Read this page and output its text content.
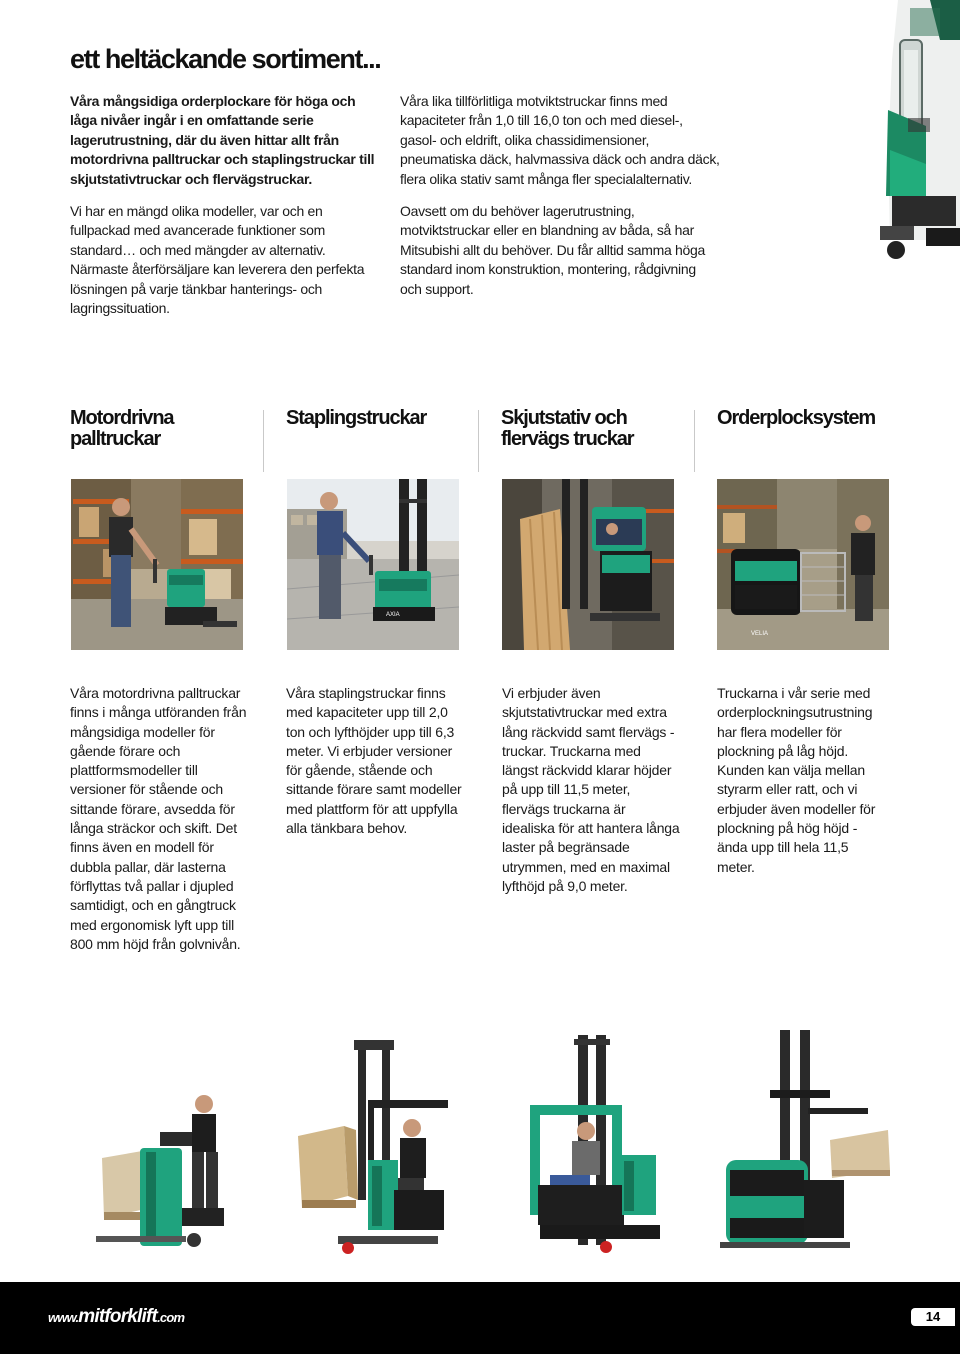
ett heltäckande sortiment...

Våra mångsidiga orderplockare för höga och låga nivåer ingår i en omfattande serie lagerutrustning, där du även hittar allt från motordrivna palltruckar och staplingstruckar till skjutstativtruckar och flervägstruckar.

Vi har en mängd olika modeller, var och en fullpackad med avancerade funktioner som standard… och med mängder av alternativ. Närmaste återförsäljare kan leverera den perfekta lösningen på varje tänkbar hanterings- och lagringssituation.

Våra lika tillförlitliga motviktstruckar finns med kapaciteter från 1,0 till 16,0 ton och med diesel-, gasol- och eldrift, olika chassidimensioner, pneumatiska däck, halvmassiva däck och andra däck, flera olika stativ samt många fler specialalternativ.

Oavsett om du behöver lagerutrustning, motviktstruckar eller en blandning av båda, så har Mitsubishi allt du behöver. Du får alltid samma höga standard inom konstruktion, montering, rådgivning och support.

Motordrivna palltruckar
Staplingstruckar	Skjutstativ och flervägs truckar
Orderplocksystem
AXIA
VELIA

Våra motordrivna palltruckar finns i många utföranden från mångsidiga modeller för gående förare och plattformsmodeller till versioner för stående och sittande förare, avsedda för långa sträckor och skift. Det finns även en modell för dubbla pallar, där lasterna förflyttas två pallar i djupled samtidigt, och en gångtruck med ergonomisk lyft upp till 800 mm höjd från golvnivån.

Våra staplingstruckar finns med kapaciteter upp till 2,0 ton och lyfthöjder upp till 6,3 meter. Vi erbjuder versioner för gående, stående och sittande förare samt modeller med plattform för att uppfylla alla tänkbara behov.

Vi erbjuder även skjutstativtruckar med extra lång räckvidd samt flervägs - truckar. Truckarna med längst räckvidd klarar höjder på upp till 11,5 meter, flervägs truckarna är idealiska för att hantera långa laster på begränsade utrymmen, med en maximal lyfthöjd på 9,0 meter.

Truckarna i vår serie med orderplockningsutrustning har flera modeller för plockning på låg höjd. Kunden kan välja mellan styrarm eller ratt, och vi erbjuder även modeller för plockning på hög höjd - ända upp till hela 11,5 meter.

www.mitforklift.com	14
